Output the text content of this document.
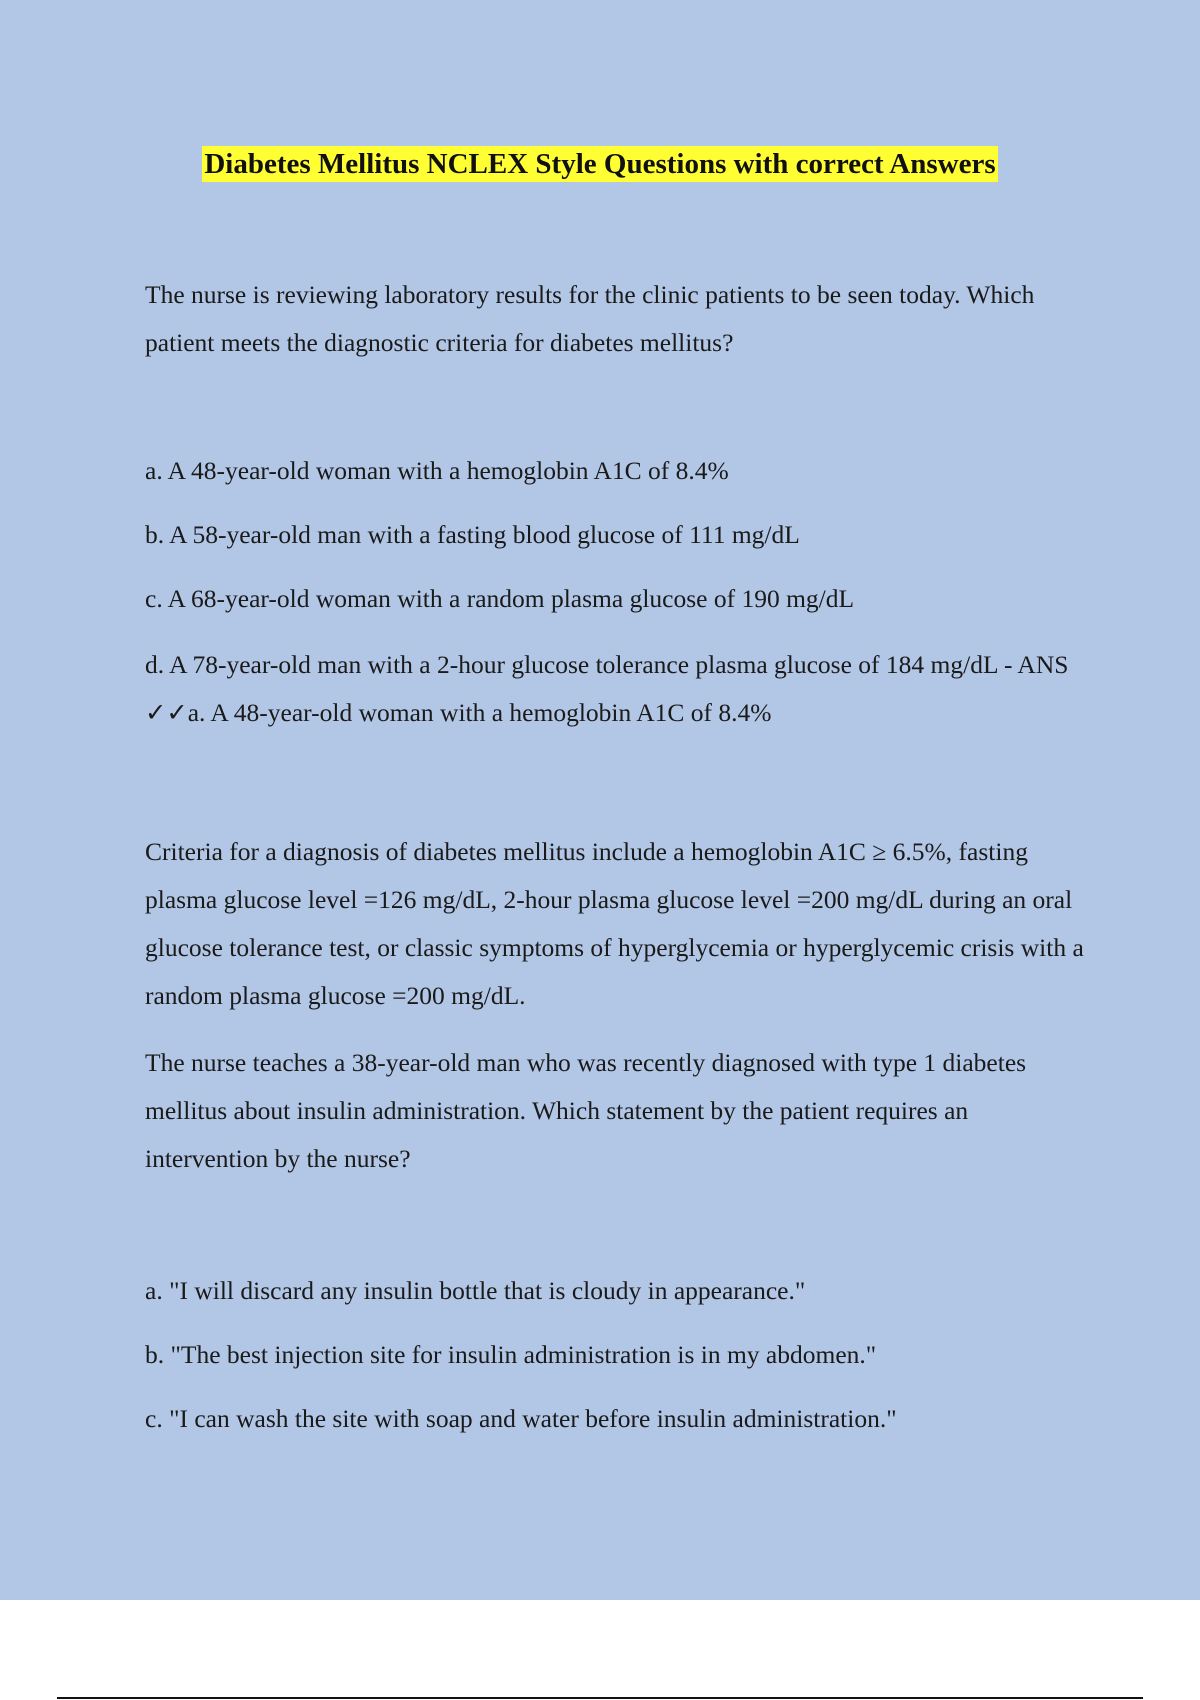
Diabetes Mellitus NCLEX Style Questions with correct Answers

The nurse is reviewing laboratory results for the clinic patients to be seen today. Which patient meets the diagnostic criteria for diabetes mellitus?

a. A 48-year-old woman with a hemoglobin A1C of 8.4%

b. A 58-year-old man with a fasting blood glucose of 111 mg/dL

c. A 68-year-old woman with a random plasma glucose of 190 mg/dL

d. A 78-year-old man with a 2-hour glucose tolerance plasma glucose of 184 mg/dL - ANS ✓✓a. A 48-year-old woman with a hemoglobin A1C of 8.4%

Criteria for a diagnosis of diabetes mellitus include a hemoglobin A1C ≥ 6.5%, fasting plasma glucose level =126 mg/dL, 2-hour plasma glucose level =200 mg/dL during an oral glucose tolerance test, or classic symptoms of hyperglycemia or hyperglycemic crisis with a random plasma glucose =200 mg/dL.

The nurse teaches a 38-year-old man who was recently diagnosed with type 1 diabetes mellitus about insulin administration. Which statement by the patient requires an intervention by the nurse?

a. "I will discard any insulin bottle that is cloudy in appearance."

b. "The best injection site for insulin administration is in my abdomen."

c. "I can wash the site with soap and water before insulin administration."
